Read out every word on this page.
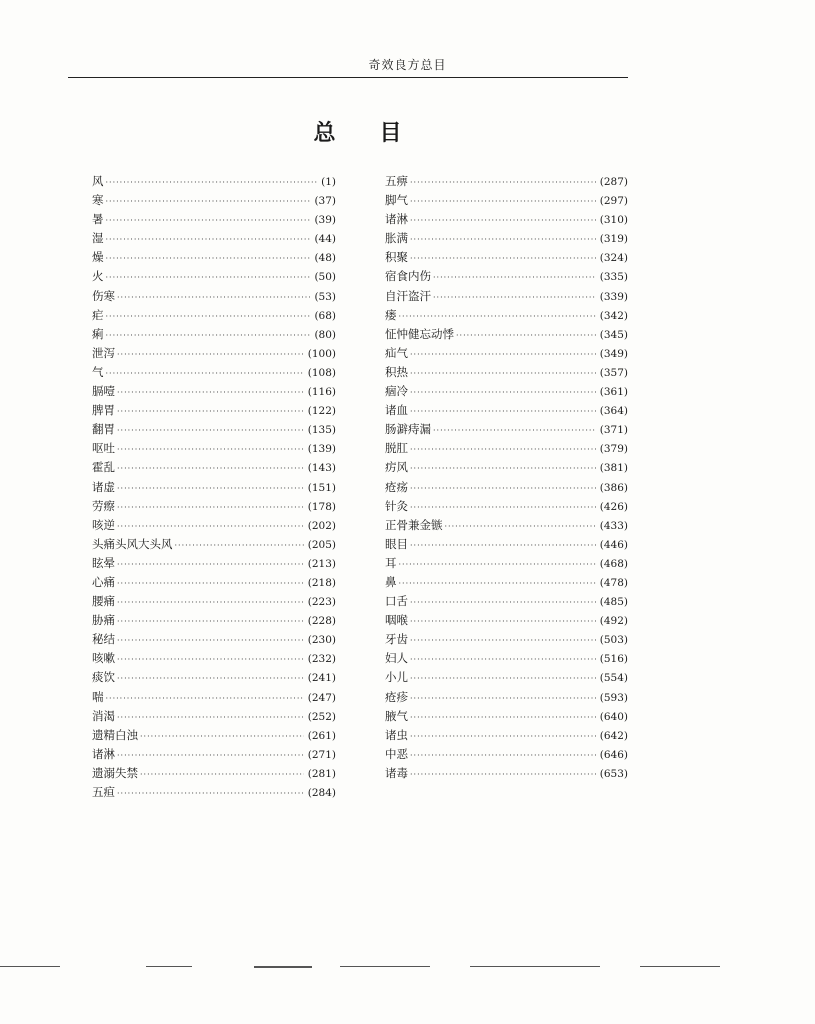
奇效良方总目
总 目
风 ·····	(1)
寒 ·····	(37)
暑 ·····	(39)
湿 ·····	(44)
燥 ·····	(48)
火 ·····	(50)
伤寒 ·····	(53)
疟 ·····	(68)
痢 ·····	(80)
泄泻 ·····	(100)
气 ·····	(108)
膈噎 ·····	(116)
脾胃 ·····	(122)
翻胃 ·····	(135)
呕吐 ·····	(139)
霍乱 ·····	(143)
诸虚 ·····	(151)
劳瘵 ·····	(178)
咳逆 ·····	(202)
头痛头风大头风 ·····	(205)
眩晕 ·····	(213)
心痛 ·····	(218)
腰痛 ·····	(223)
胁痛 ·····	(228)
秘结 ·····	(230)
咳嗽 ·····	(232)
痰饮 ·····	(241)
喘 ·····	(247)
消渴 ·····	(252)
遗精白浊 ·····	(261)
诸淋 ·····	(271)
遗溺失禁 ·····	(281)
五疸 ·····	(284)
五痹 ·····	(287)
脚气 ·····	(297)
诸淋 ·····	(310)
胀满 ·····	(319)
积聚 ·····	(324)
宿食内伤 ·····	(335)
自汗盗汗 ·····	(339)
瘘 ·····	(342)
怔忡健忘动悸 ·····	(345)
疝气 ·····	(349)
积热 ·····	(357)
痼冷 ·····	(361)
诸血 ·····	(364)
肠澼痔漏 ·····	(371)
脱肛 ·····	(379)
疠风 ·····	(381)
疮疡 ·····	(386)
针灸 ·····	(426)
正骨兼金镞 ·····	(433)
眼目 ·····	(446)
耳 ·····	(468)
鼻 ·····	(478)
口舌 ·····	(485)
咽喉 ·····	(492)
牙齿 ·····	(503)
妇人 ·····	(516)
小儿 ·····	(554)
疮疹 ·····	(593)
腋气 ·····	(640)
诸虫 ·····	(642)
中恶 ·····	(646)
诸毒 ·····	(653)
